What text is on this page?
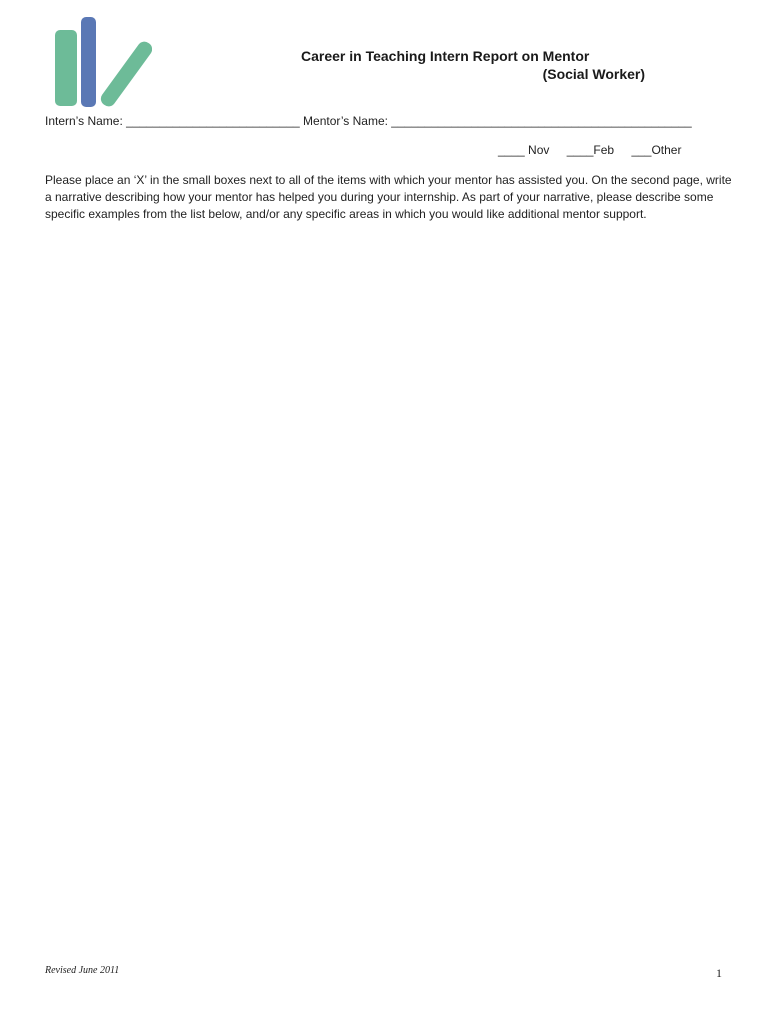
Career in Teaching Intern Report on Mentor
(Social Worker)
Intern’s Name: __________________________ Mentor’s Name: _____________________________________________
____ Nov ____Feb ___Other
Please place an ‘X’ in the small boxes next to all of the items with which your mentor has assisted you. On the second page, write a narrative describing how your mentor has helped you during your internship. As part of your narrative, please describe some specific examples from the list below, and/or any specific areas in which you would like additional mentor support.
Revised June 2011	1
